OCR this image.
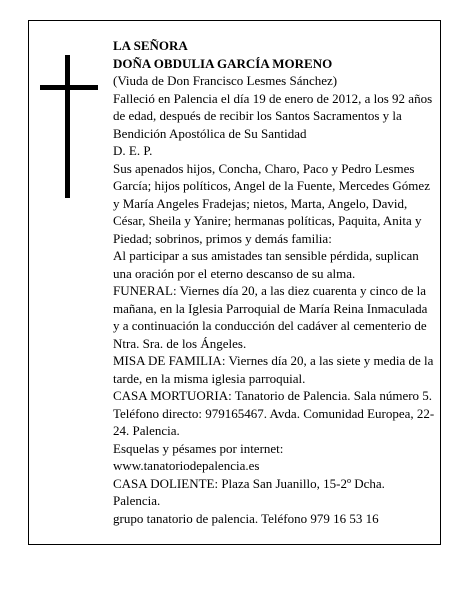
LA SEÑORA

DOÑA OBDULIA GARCÍA MORENO

(Viuda de Don Francisco Lesmes Sánchez)

Falleció en Palencia el día 19 de enero de 2012, a los 92 años de edad, después de recibir los Santos Sacramentos y la Bendición Apostólica de Su Santidad

D. E. P.

Sus apenados hijos, Concha, Charo, Paco y Pedro Lesmes García; hijos políticos, Angel de la Fuente, Mercedes Gómez y María Angeles Fradejas; nietos, Marta, Angelo, David, César, Sheila y Yanire; hermanas políticas, Paquita, Anita y Piedad; sobrinos, primos y demás familia:

Al participar a sus amistades tan sensible pérdida, suplican una oración por el eterno descanso de su alma.

FUNERAL: Viernes día 20, a las diez cuarenta y cinco de la mañana, en la Iglesia Parroquial de María Reina Inmaculada y a continuación la conducción del cadáver al cementerio de Ntra. Sra. de los Ángeles.

MISA DE FAMILIA: Viernes día 20, a las siete y media de la tarde, en la misma iglesia parroquial.

CASA MORTUORIA: Tanatorio de Palencia. Sala número 5. Teléfono directo: 979165467. Avda. Comunidad Europea, 22-24. Palencia.

Esquelas y pésames por internet:

www.tanatoriodepalencia.es

CASA DOLIENTE: Plaza San Juanillo, 15-2º Dcha. Palencia.

grupo tanatorio de palencia. Teléfono 979 16 53 16
